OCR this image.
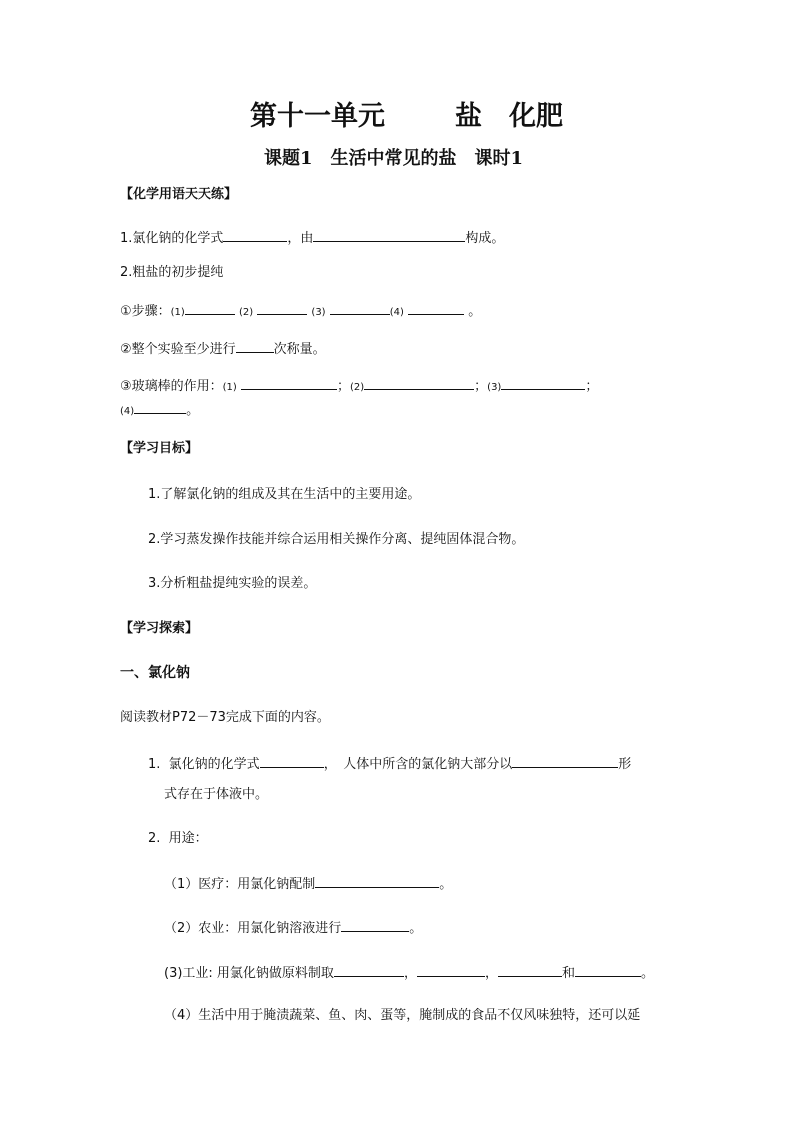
第十一单元	盐　化肥
课题1　生活中常见的盐　课时1
【化学用语天天练】
1.氯化钠的化学式	，由	构成。
2.粗盐的初步提纯
①步骤：(1)	(2)	(3)	(4)	。
②整个实验至少进行	次称量。
③玻璃棒的作用：(1)	；(2)	；(3)	；
(4)	。
【学习目标】
1.了解氯化钠的组成及其在生活中的主要用途。
2.学习蒸发操作技能并综合运用相关操作分离、提纯固体混合物。
3.分析粗盐提纯实验的误差。
【学习探索】
一、氯化钠
阅读教材P72－73完成下面的内容。
1. 氯化钠的化学式	，　人体中所含的氯化钠大部分以	形
式存在于体液中。
2. 用途：
（1）医疗：用氯化钠配制	。
（2）农业：用氯化钠溶液进行	。
(3)工业: 用氯化钠做原料制取	，	，	和	。
（4）生活中用于腌渍蔬菜、鱼、肉、蛋等，腌制成的食品不仅风味独特，还可以延
